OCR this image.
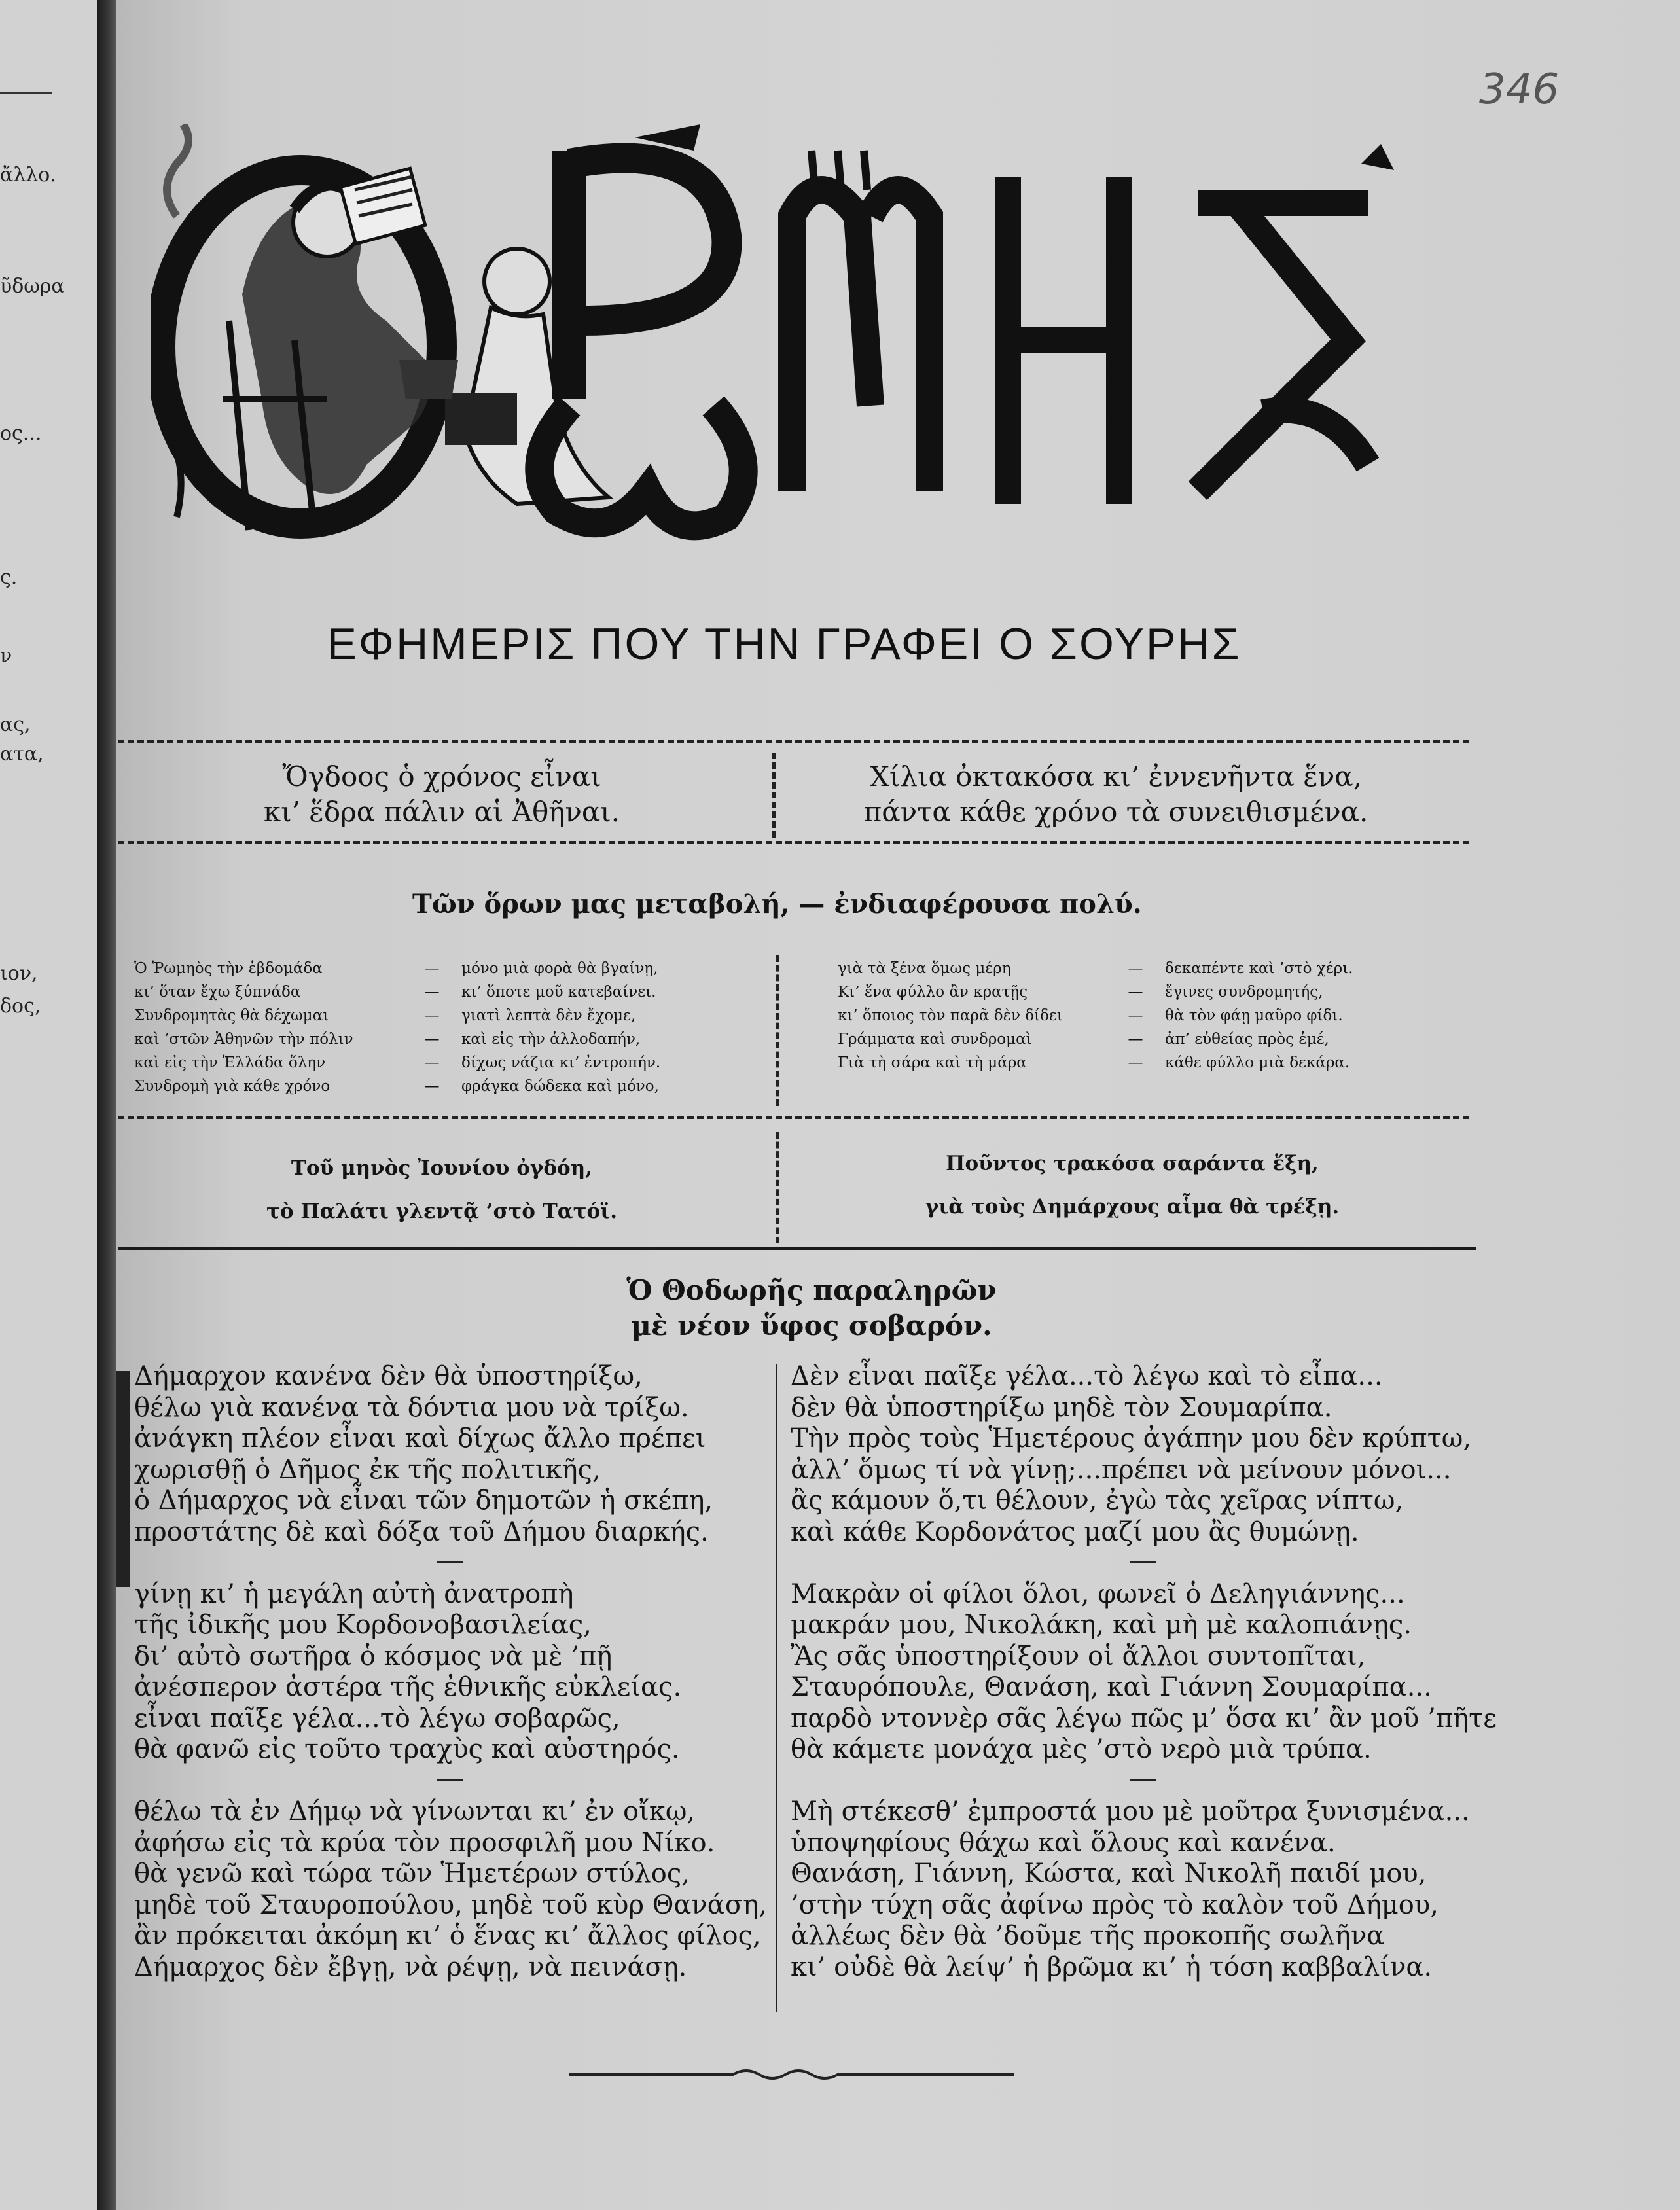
ἄλλο.
ῦδωρα
ος...
ς.
ν
ας,
ατα,
ιον,
δος,
346
ΕΦΗΜΕΡΙΣ ΠΟΥ ΤΗΝ ΓΡΑΦΕΙ Ο ΣΟΥΡΗΣ
Ὄγδοος ὁ χρόνος εἶναι
κι’ ἕδρα πάλιν αἱ Ἀθῆναι.
Χίλια ὀκτακόσα κι’ ἐννενῆντα ἕνα,
πάντα κάθε χρόνο τὰ συνειθισμένα.
Τῶν ὅρων μας μεταβολή, — ἐνδιαφέρουσα πολύ.
Ὁ Ῥωμηὸς τὴν ἑβδομάδα	—	μόνο μιὰ φορὰ θὰ βγαίνῃ,
κι’ ὅταν ἔχω ξύπνάδα	—	κι’ ὅποτε μοῦ κατεβαίνει.
Συνδρομητὰς θὰ δέχωμαι	—	γιατὶ λεπτὰ δὲν ἔχομε,
καὶ ’στῶν Ἀθηνῶν τὴν πόλιν	—	καὶ εἰς τὴν ἀλλοδαπήν,
καὶ εἰς τὴν Ἑλλάδα ὅλην	—	δίχως νάζια κι’ ἐντροπήν.
Συνδρομὴ γιὰ κάθε χρόνο	—	φράγκα δώδεκα καὶ μόνο,
γιὰ τὰ ξένα ὅμως μέρη	—	δεκαπέντε καὶ ’στὸ χέρι.
Κι’ ἕνα φύλλο ἂν κρατῇς	—	ἔγινες συνδρομητής,
κι’ ὅποιος τὸν παρᾶ δὲν δίδει	—	θὰ τὸν φάῃ μαῦρο φίδι.
Γράμματα καὶ συνδρομαὶ	—	ἀπ’ εὐθείας πρὸς ἐμέ,
Γιὰ τὴ σάρα καὶ τὴ μάρα	—	κάθε φύλλο μιὰ δεκάρα.
Τοῦ μηνὸς Ἰουνίου ὀγδόη,
τὸ Παλάτι γλεντᾷ ’στὸ Τατόϊ.
Ποῦντος τρακόσα σαράντα ἕξη,
γιὰ τοὺς Δημάρχους αἷμα θὰ τρέξῃ.
Ὁ Θοδωρῆς παραληρῶν
μὲ νέον ὕφος σοβαρόν.
Δήμαρχον κανένα δὲν θὰ ὑποστηρίξω,
θέλω γιὰ κανένα τὰ δόντια μου νὰ τρίξω.
ἀνάγκη πλέον εἶναι καὶ δίχως ἄλλο πρέπει
χωρισθῇ ὁ Δῆμος ἐκ τῆς πολιτικῆς,
ὁ Δήμαρχος νὰ εἶναι τῶν δημοτῶν ἡ σκέπη,
προστάτης δὲ καὶ δόξα τοῦ Δήμου διαρκής.
γίνῃ κι’ ἡ μεγάλη αὐτὴ ἀνατροπὴ
τῆς ἰδικῆς μου Κορδονοβασιλείας,
δι’ αὐτὸ σωτῆρα ὁ κόσμος νὰ μὲ ’πῇ
ἀνέσπερον ἀστέρα τῆς ἐθνικῆς εὐκλείας.
εἶναι παῖξε γέλα...τὸ λέγω σοβαρῶς,
θὰ φανῶ εἰς τοῦτο τραχὺς καὶ αὐστηρός.
θέλω τὰ ἐν Δήμῳ νὰ γίνωνται κι’ ἐν οἴκῳ,
ἀφήσω εἰς τὰ κρύα τὸν προσφιλῆ μου Νίκο.
θὰ γενῶ καὶ τώρα τῶν Ἡμετέρων στύλος,
μηδὲ τοῦ Σταυροπούλου, μηδὲ τοῦ κὺρ Θανάση,
ἂν πρόκειται ἀκόμη κι’ ὁ ἕνας κι’ ἄλλος φίλος,
Δήμαρχος δὲν ἔβγῃ, νὰ ρέψῃ, νὰ πεινάσῃ.
Δὲν εἶναι παῖξε γέλα...τὸ λέγω καὶ τὸ εἶπα...
δὲν θὰ ὑποστηρίξω μηδὲ τὸν Σουμαρίπα.
Τὴν πρὸς τοὺς Ἡμετέρους ἀγάπην μου δὲν κρύπτω,
ἀλλ’ ὅμως τί νὰ γίνῃ;...πρέπει νὰ μείνουν μόνοι...
ἂς κάμουν ὅ,τι θέλουν, ἐγὼ τὰς χεῖρας νίπτω,
καὶ κάθε Κορδονάτος μαζί μου ἂς θυμώνῃ.
Μακρὰν οἱ φίλοι ὅλοι, φωνεῖ ὁ Δεληγιάννης...
μακράν μου, Νικολάκη, καὶ μὴ μὲ καλοπιάνῃς.
Ἂς σᾶς ὑποστηρίξουν οἱ ἄλλοι συντοπῖται,
Σταυρόπουλε, Θανάση, καὶ Γιάννη Σουμαρίπα...
παρδὸ ντοννὲρ σᾶς λέγω πῶς μ’ ὅσα κι’ ἂν μοῦ ’πῆτε
θὰ κάμετε μονάχα μὲς ’στὸ νερὸ μιὰ τρύπα.
Μὴ στέκεσθ’ ἐμπροστά μου μὲ μοῦτρα ξυνισμένα...
ὑποψηφίους θάχω καὶ ὅλους καὶ κανένα.
Θανάση, Γιάννη, Κώστα, καὶ Νικολῆ παιδί μου,
’στὴν τύχη σᾶς ἀφίνω πρὸς τὸ καλὸν τοῦ Δήμου,
ἀλλέως δὲν θὰ ’δοῦμε τῆς προκοπῆς σωλῆνα
κι’ οὐδὲ θὰ λείψ’ ἡ βρῶμα κι’ ἡ τόση καββαλίνα.
